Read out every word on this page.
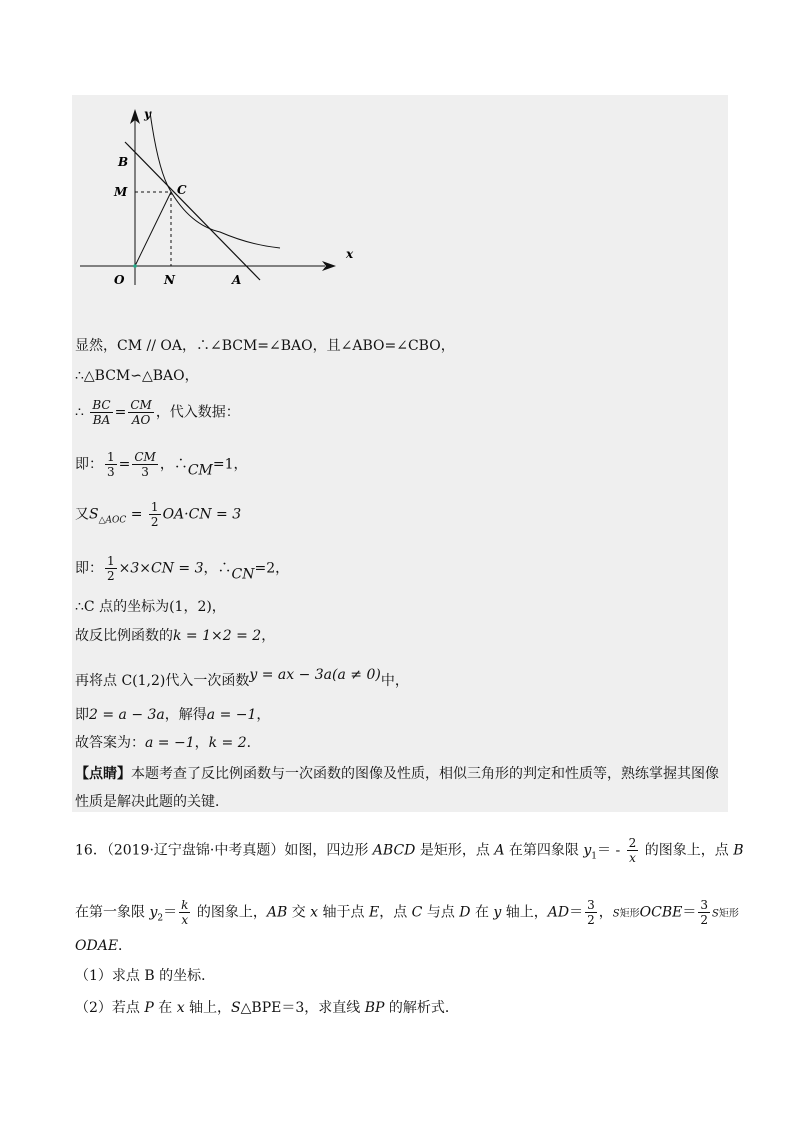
y
x
B
M	C
O	N	A
显然，CM // OA，∴∠BCM=∠BAO，且∠ABO=∠CBO，
∴△BCM∽△BAO，
∴ $\frac{BC}{BA} = \frac{CM}{AO}$ ，代入数据：
即： $\frac{1}{3} = \frac{CM}{3}$ ，∴CM=1，
又$S_{\triangle AOC} = \frac{1}{2} OA\cdot CN = 3$
即： $\frac{1}{2} \times 3\times CN = 3$，∴CN=2，
∴C 点的坐标为(1，2)，
故反比例函数的k = 1×2 = 2，
再将点 C(1,2)代入一次函数y = ax − 3a(a ≠ 0)中，
即2 = a − 3a，解得a = −1，
故答案为：a = −1，k = 2．
【点睛】本题考查了反比例函数与一次函数的图像及性质，相似三角形的判定和性质等，熟练掌握其图像
性质是解决此题的关键．
16．（2019·辽宁盘锦·中考真题）如图，四边形 ABCD 是矩形，点 A 在第四象限 $y_1= - \frac{2}{x}$ 的图象上，点 B
在第一象限 $y_2= \frac{k}{x}$ 的图象上，AB 交 x 轴于点 E，点 C 与点 D 在 y 轴上，$AD= \frac{3}{2}$ ，S矩形OCBE＝ $\frac{3}{2}$ S矩形
ODAE．
（1）求点 B 的坐标．
（2）若点 P 在 x 轴上，S△BPE＝3，求直线 BP 的解析式．
